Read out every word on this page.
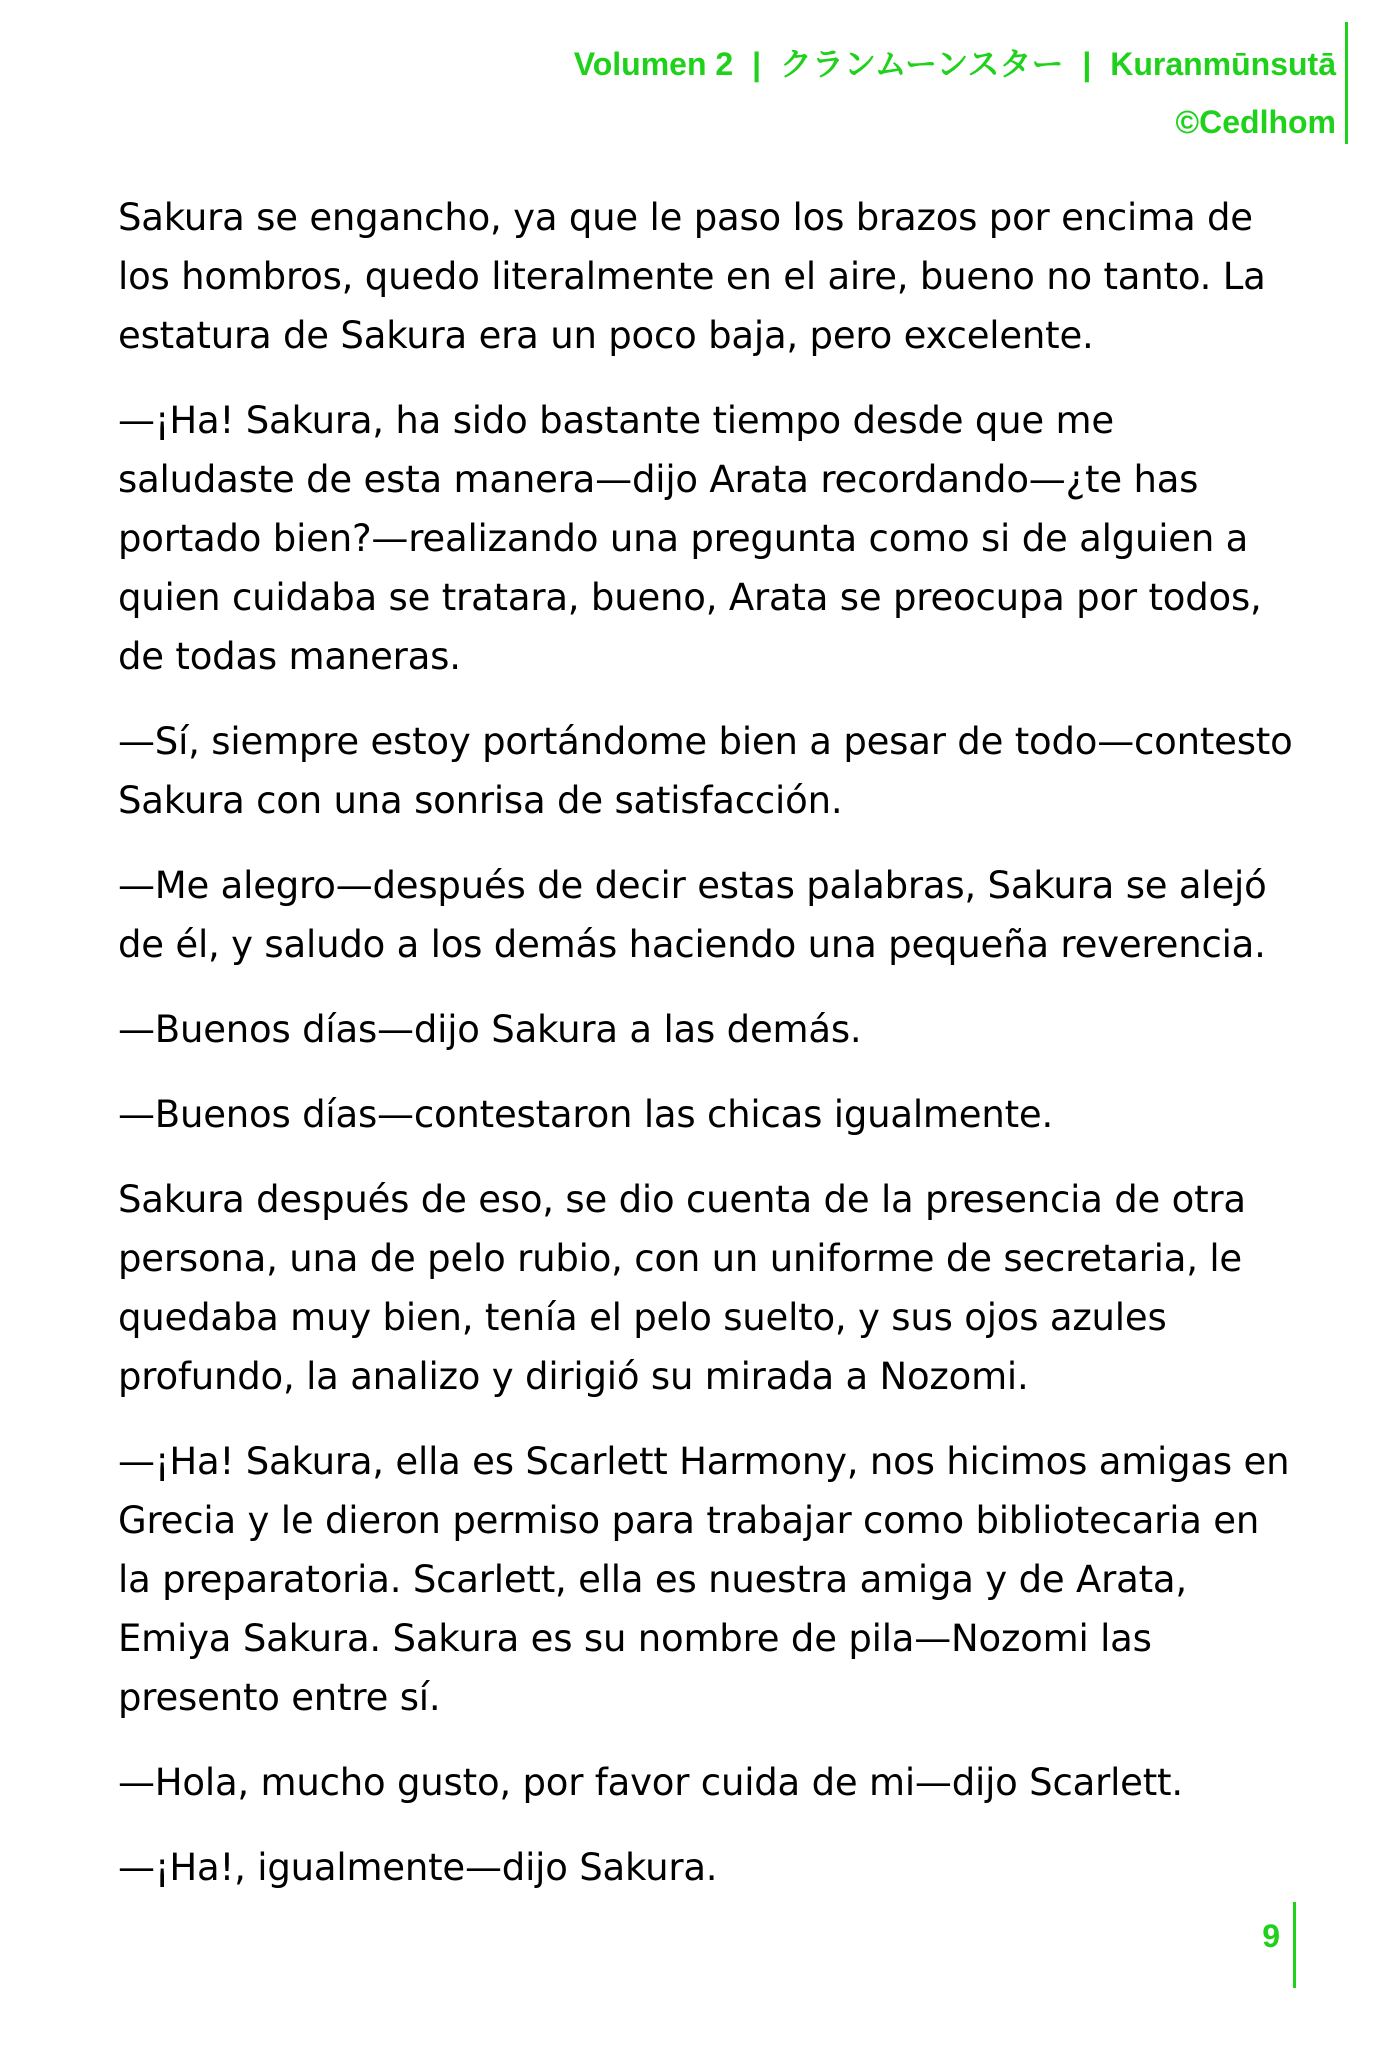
Volumen 2 | クランムーンスター | Kuranmūnsutā
©Cedlhom

Sakura se engancho, ya que le paso los brazos por encima de los hombros, quedo literalmente en el aire, bueno no tanto. La estatura de Sakura era un poco baja, pero excelente.

—¡Ha! Sakura, ha sido bastante tiempo desde que me saludaste de esta manera—dijo Arata recordando—¿te has portado bien?—realizando una pregunta como si de alguien a quien cuidaba se tratara, bueno, Arata se preocupa por todos, de todas maneras.

—Sí, siempre estoy portándome bien a pesar de todo—contesto Sakura con una sonrisa de satisfacción.

—Me alegro—después de decir estas palabras, Sakura se alejó de él, y saludo a los demás haciendo una pequeña reverencia.

—Buenos días—dijo Sakura a las demás.

—Buenos días—contestaron las chicas igualmente.

Sakura después de eso, se dio cuenta de la presencia de otra persona, una de pelo rubio, con un uniforme de secretaria, le quedaba muy bien, tenía el pelo suelto, y sus ojos azules profundo, la analizo y dirigió su mirada a Nozomi.

—¡Ha! Sakura, ella es Scarlett Harmony, nos hicimos amigas en Grecia y le dieron permiso para trabajar como bibliotecaria en la preparatoria. Scarlett, ella es nuestra amiga y de Arata, Emiya Sakura. Sakura es su nombre de pila—Nozomi las presento entre sí.

—Hola, mucho gusto, por favor cuida de mi—dijo Scarlett.

—¡Ha!, igualmente—dijo Sakura.

9
